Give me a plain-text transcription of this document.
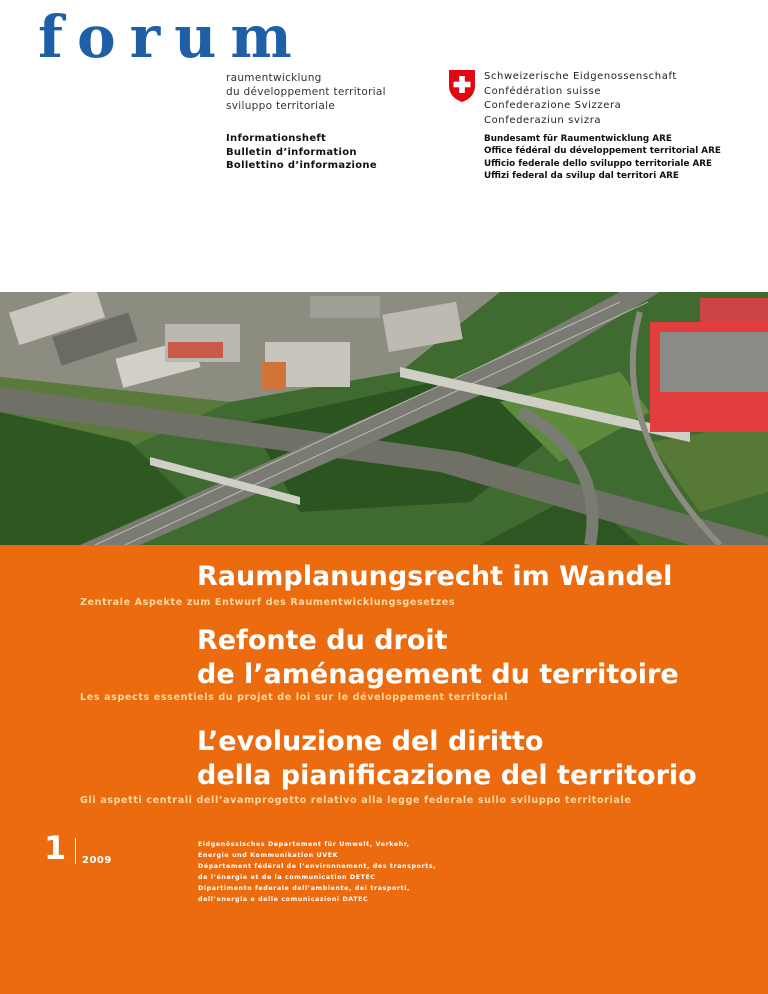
forum
raumentwicklung
du développement territorial
sviluppo territoriale
Informationsheft
Bulletin d’information
Bollettino d’informazione
Schweizerische Eidgenossenschaft
Confédération suisse
Confederazione Svizzera
Confederaziun svizra
Bundesamt für Raumentwicklung ARE
Office fédéral du développement territorial ARE
Ufficio federale dello sviluppo territoriale ARE
Uffizi federal da svilup dal territori ARE
Raumplanungsrecht im Wandel
Zentrale Aspekte zum Entwurf des Raumentwicklungsgesetzes
Refonte du droit
de l’aménagement du territoire
Les aspects essentiels du projet de loi sur le développement territorial
L’evoluzione del diritto
della pianificazione del territorio
Gli aspetti centrali dell’avamprogetto relativo alla legge federale sullo sviluppo territoriale
1 2009
Eidgenössisches Departement für Umwelt, Verkehr,
Energie und Kommunikation UVEK
Département fédéral de l’environnement, des transports,
de l’énergie et de la communication DETEC
Dipartimento federale dell’ambiente, dei trasporti,
dell’energia e delle comunicazioni DATEC
